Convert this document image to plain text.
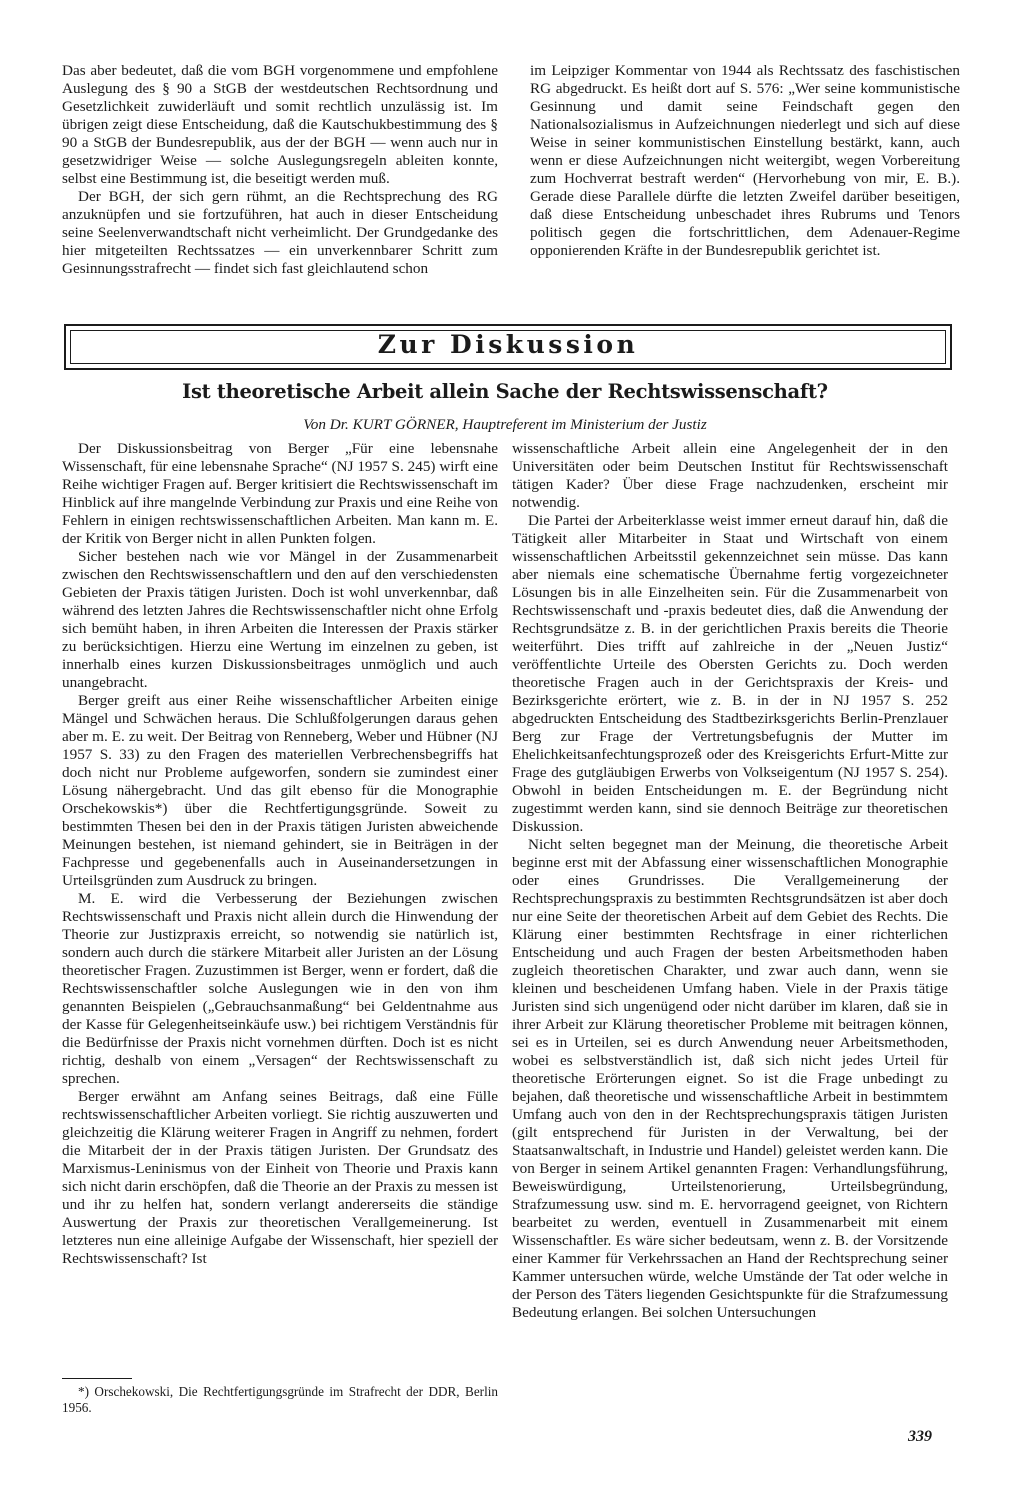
Das aber bedeutet, daß die vom BGH vorgenommene und empfohlene Auslegung des § 90 a StGB der westdeutschen Rechtsordnung und Gesetzlichkeit zuwiderläuft und somit rechtlich unzulässig ist. Im übrigen zeigt diese Entscheidung, daß die Kautschukbestimmung des § 90 a StGB der Bundesrepublik, aus der der BGH — wenn auch nur in gesetzwidriger Weise — solche Auslegungsregeln ableiten konnte, selbst eine Bestimmung ist, die beseitigt werden muß.

Der BGH, der sich gern rühmt, an die Rechtsprechung des RG anzuknüpfen und sie fortzuführen, hat auch in dieser Entscheidung seine Seelenverwandtschaft nicht verheimlicht. Der Grundgedanke des hier mitgeteilten Rechtssatzes — ein unverkennbarer Schritt zum Gesinnungsstrafrecht — findet sich fast gleichlautend schon

im Leipziger Kommentar von 1944 als Rechtssatz des faschistischen RG abgedruckt. Es heißt dort auf S. 576: „Wer seine kommunistische Gesinnung und damit seine Feindschaft gegen den Nationalsozialismus in Aufzeichnungen niederlegt und sich auf diese Weise in seiner kommunistischen Einstellung bestärkt, kann, auch wenn er diese Aufzeichnungen nicht weitergibt, wegen Vorbereitung zum Hochverrat bestraft werden“ (Hervorhebung von mir, E. B.). Gerade diese Parallele dürfte die letzten Zweifel darüber beseitigen, daß diese Entscheidung unbeschadet ihres Rubrums und Tenors politisch gegen die fortschrittlichen, dem Adenauer-Regime opponierenden Kräfte in der Bundesrepublik gerichtet ist.

Zur Diskussion
Ist theoretische Arbeit allein Sache der Rechtswissenschaft?
Von Dr. KURT GÖRNER, Hauptreferent im Ministerium der Justiz

Der Diskussionsbeitrag von Berger „Für eine lebensnahe Wissenschaft, für eine lebensnahe Sprache“ (NJ 1957 S. 245) wirft eine Reihe wichtiger Fragen auf. Berger kritisiert die Rechtswissenschaft im Hinblick auf ihre mangelnde Verbindung zur Praxis und eine Reihe von Fehlern in einigen rechtswissenschaftlichen Arbeiten. Man kann m. E. der Kritik von Berger nicht in allen Punkten folgen.

Sicher bestehen nach wie vor Mängel in der Zusammenarbeit zwischen den Rechtswissenschaftlern und den auf den verschiedensten Gebieten der Praxis tätigen Juristen. Doch ist wohl unverkennbar, daß während des letzten Jahres die Rechtswissenschaftler nicht ohne Erfolg sich bemüht haben, in ihren Arbeiten die Interessen der Praxis stärker zu berücksichtigen. Hierzu eine Wertung im einzelnen zu geben, ist innerhalb eines kurzen Diskussionsbeitrages unmöglich und auch unangebracht.

Berger greift aus einer Reihe wissenschaftlicher Arbeiten einige Mängel und Schwächen heraus. Die Schlußfolgerungen daraus gehen aber m. E. zu weit. Der Beitrag von Renneberg, Weber und Hübner (NJ 1957 S. 33) zu den Fragen des materiellen Verbrechensbegriffs hat doch nicht nur Probleme aufgeworfen, sondern sie zumindest einer Lösung nähergebracht. Und das gilt ebenso für die Monographie Orschekowskis*) über die Rechtfertigungsgründe. Soweit zu bestimmten Thesen bei den in der Praxis tätigen Juristen abweichende Meinungen bestehen, ist niemand gehindert, sie in Beiträgen in der Fachpresse und gegebenenfalls auch in Auseinandersetzungen in Urteilsgründen zum Ausdruck zu bringen.

M. E. wird die Verbesserung der Beziehungen zwischen Rechtswissenschaft und Praxis nicht allein durch die Hinwendung der Theorie zur Justizpraxis erreicht, so notwendig sie natürlich ist, sondern auch durch die stärkere Mitarbeit aller Juristen an der Lösung theoretischer Fragen. Zuzustimmen ist Berger, wenn er fordert, daß die Rechtswissenschaftler solche Auslegungen wie in den von ihm genannten Beispielen („Gebrauchsanmaßung“ bei Geldentnahme aus der Kasse für Gelegenheitseinkäufe usw.) bei richtigem Verständnis für die Bedürfnisse der Praxis nicht vornehmen dürften. Doch ist es nicht richtig, deshalb von einem „Versagen“ der Rechtswissenschaft zu sprechen.

Berger erwähnt am Anfang seines Beitrags, daß eine Fülle rechtswissenschaftlicher Arbeiten vorliegt. Sie richtig auszuwerten und gleichzeitig die Klärung weiterer Fragen in Angriff zu nehmen, fordert die Mitarbeit der in der Praxis tätigen Juristen. Der Grundsatz des Marxismus-Leninismus von der Einheit von Theorie und Praxis kann sich nicht darin erschöpfen, daß die Theorie an der Praxis zu messen ist und ihr zu helfen hat, sondern verlangt andererseits die ständige Auswertung der Praxis zur theoretischen Verallgemeinerung. Ist letzteres nun eine alleinige Aufgabe der Wissenschaft, hier speziell der Rechtswissenschaft? Ist

wissenschaftliche Arbeit allein eine Angelegenheit der in den Universitäten oder beim Deutschen Institut für Rechtswissenschaft tätigen Kader? Über diese Frage nachzudenken, erscheint mir notwendig.

Die Partei der Arbeiterklasse weist immer erneut darauf hin, daß die Tätigkeit aller Mitarbeiter in Staat und Wirtschaft von einem wissenschaftlichen Arbeitsstil gekennzeichnet sein müsse. Das kann aber niemals eine schematische Übernahme fertig vorgezeichneter Lösungen bis in alle Einzelheiten sein. Für die Zusammenarbeit von Rechtswissenschaft und -praxis bedeutet dies, daß die Anwendung der Rechtsgrundsätze z. B. in der gerichtlichen Praxis bereits die Theorie weiterführt. Dies trifft auf zahlreiche in der „Neuen Justiz“ veröffentlichte Urteile des Obersten Gerichts zu. Doch werden theoretische Fragen auch in der Gerichtspraxis der Kreis- und Bezirksgerichte erörtert, wie z. B. in der in NJ 1957 S. 252 abgedruckten Entscheidung des Stadtbezirksgerichts Berlin-Prenzlauer Berg zur Frage der Vertretungsbefugnis der Mutter im Ehelichkeitsanfechtungsprozeß oder des Kreisgerichts Erfurt-Mitte zur Frage des gutgläubigen Erwerbs von Volkseigentum (NJ 1957 S. 254). Obwohl in beiden Entscheidungen m. E. der Begründung nicht zugestimmt werden kann, sind sie dennoch Beiträge zur theoretischen Diskussion.

Nicht selten begegnet man der Meinung, die theoretische Arbeit beginne erst mit der Abfassung einer wissenschaftlichen Monographie oder eines Grundrisses. Die Verallgemeinerung der Rechtsprechungspraxis zu bestimmten Rechtsgrundsätzen ist aber doch nur eine Seite der theoretischen Arbeit auf dem Gebiet des Rechts. Die Klärung einer bestimmten Rechtsfrage in einer richterlichen Entscheidung und auch Fragen der besten Arbeitsmethoden haben zugleich theoretischen Charakter, und zwar auch dann, wenn sie kleinen und bescheidenen Umfang haben. Viele in der Praxis tätige Juristen sind sich ungenügend oder nicht darüber im klaren, daß sie in ihrer Arbeit zur Klärung theoretischer Probleme mit beitragen können, sei es in Urteilen, sei es durch Anwendung neuer Arbeitsmethoden, wobei es selbstverständlich ist, daß sich nicht jedes Urteil für theoretische Erörterungen eignet. So ist die Frage unbedingt zu bejahen, daß theoretische und wissenschaftliche Arbeit in bestimmtem Umfang auch von den in der Rechtsprechungspraxis tätigen Juristen (gilt entsprechend für Juristen in der Verwaltung, bei der Staatsanwaltschaft, in Industrie und Handel) geleistet werden kann. Die von Berger in seinem Artikel genannten Fragen: Verhandlungsführung, Beweiswürdigung, Urteilstenorierung, Urteilsbegründung, Strafzumessung usw. sind m. E. hervorragend geeignet, von Richtern bearbeitet zu werden, eventuell in Zusammenarbeit mit einem Wissenschaftler. Es wäre sicher bedeutsam, wenn z. B. der Vorsitzende einer Kammer für Verkehrssachen an Hand der Rechtsprechung seiner Kammer untersuchen würde, welche Umstände der Tat oder welche in der Person des Täters liegenden Gesichtspunkte für die Strafzumessung Bedeutung erlangen. Bei solchen Untersuchungen

*) Orschekowski, Die Rechtfertigungsgründe im Strafrecht der DDR, Berlin 1956.
339
